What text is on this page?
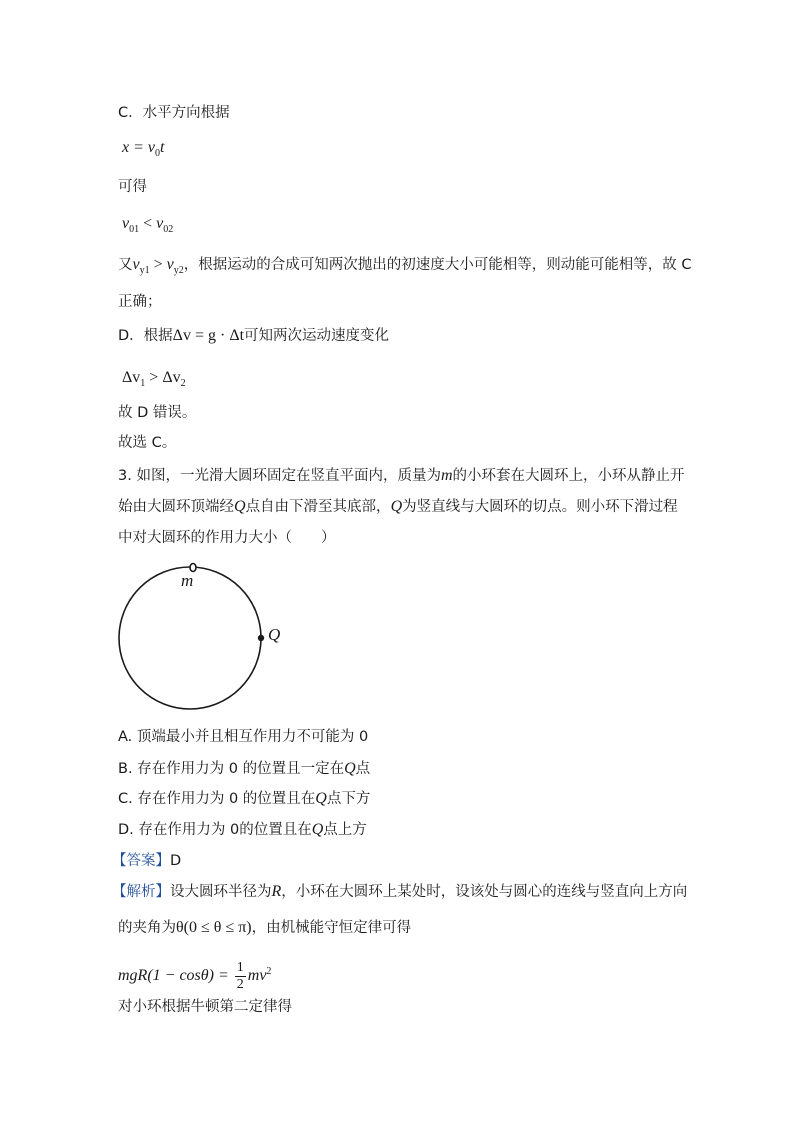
C．水平方向根据
$x = v_0t$
可得
$v_{01} < v_{02}$
又$v_{y1} > v_{y2}$，根据运动的合成可知两次抛出的初速度大小可能相等，则动能可能相等，故 C
正确；
D．根据Δv = g · Δt可知两次运动速度变化
$\Delta v_1 > \Delta v_2$
故 D 错误。
故选 C。
3. 如图，一光滑大圆环固定在竖直平面内，质量为m的小环套在大圆环上，小环从静止开
始由大圆环顶端经Q点自由下滑至其底部，Q为竖直线与大圆环的切点。则小环下滑过程
中对大圆环的作用力大小（　　）
m
Q
A. 顶端最小并且相互作用力不可能为 0
B. 存在作用力为 0 的位置且一定在Q点
C. 存在作用力为 0 的位置且在Q点下方
D. 存在作用力为 0的位置且在Q点上方
【答案】D
【解析】设大圆环半径为R，小环在大圆环上某处时，设该处与圆心的连线与竖直向上方向
的夹角为θ(0 ≤ θ ≤ π)，由机械能守恒定律可得
$mgR(1 - \cos\theta) = \frac{1}{2} mv^2$
对小环根据牛顿第二定律得
